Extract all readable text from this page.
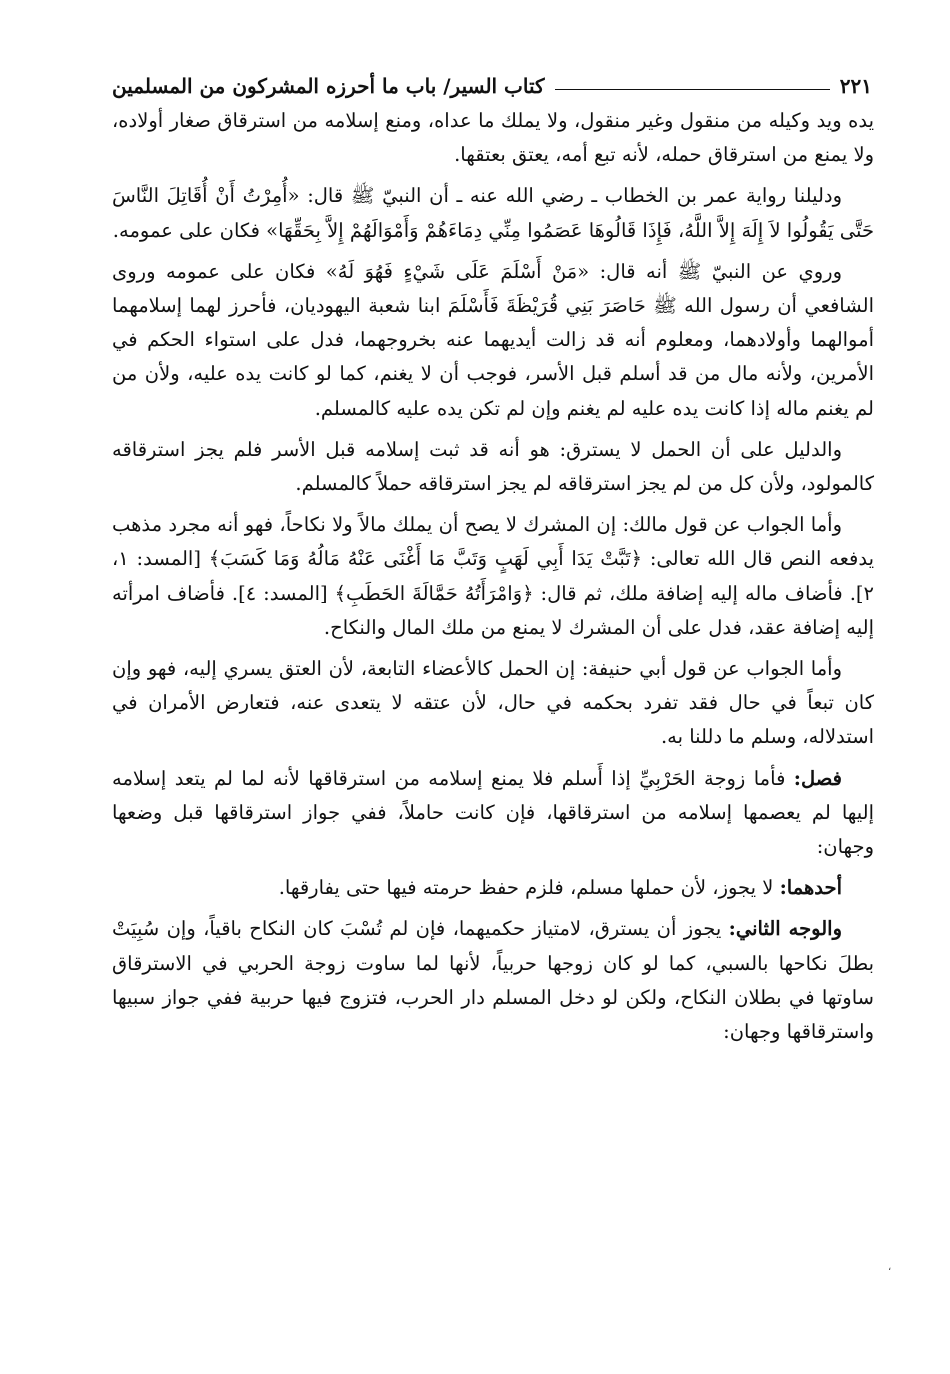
كتاب السير/ باب ما أحرزه المشركون من المسلمين	٢٢١

يده ويد وكيله من منقول وغير منقول، ولا يملك ما عداه، ومنع إسلامه من استرقاق صغار أولاده، ولا يمنع من استرقاق حمله، لأنه تبع أمه، يعتق بعتقها.

ودليلنا رواية عمر بن الخطاب ـ رضي الله عنه ـ أن النبيّ ﷺ قال: «أُمِرْتُ أَنْ أُقَاتِلَ النَّاسَ حَتَّى يَقُولُوا لاَ إِلَهَ إِلاَّ اللَّهُ، فَإِذَا قَالُوهَا عَصَمُوا مِنِّي دِمَاءَهُمْ وَأَمْوَالَهُمْ إِلاَّ بِحَقِّهَا» فكان على عمومه.

وروي عن النبيّ ﷺ أنه قال: «مَنْ أَسْلَمَ عَلَى شَيْءٍ فَهُوَ لَهُ» فكان على عمومه وروى الشافعي أن رسول الله ﷺ حَاصَرَ بَنِي قُرَيْظَةَ فَأَسْلَمَ ابنا شعبة اليهوديان، فأحرز لهما إسلامهما أموالهما وأولادهما، ومعلوم أنه قد زالت أيديهما عنه بخروجهما، فدل على استواء الحكم في الأمرين، ولأنه مال من قد أسلم قبل الأسر، فوجب أن لا يغنم، كما لو كانت يده عليه، ولأن من لم يغنم ماله إذا كانت يده عليه لم يغنم وإن لم تكن يده عليه كالمسلم.

والدليل على أن الحمل لا يسترق: هو أنه قد ثبت إسلامه قبل الأسر فلم يجز استرقاقه كالمولود، ولأن كل من لم يجز استرقاقه لم يجز استرقاقه حملاً كالمسلم.

وأما الجواب عن قول مالك: إن المشرك لا يصح أن يملك مالاً ولا نكاحاً، فهو أنه مجرد مذهب يدفعه النص قال الله تعالى: ﴿تَبَّتْ يَدَا أَبِي لَهَبٍ وَتَبَّ مَا أَغْنَى عَنْهُ مَالُهُ وَمَا كَسَبَ﴾ [المسد: ١، ٢]. فأضاف ماله إليه إضافة ملك، ثم قال: ﴿وَامْرَأَتُهُ حَمَّالَةَ الحَطَبِ﴾ [المسد: ٤]. فأضاف امرأته إليه إضافة عقد، فدل على أن المشرك لا يمنع من ملك المال والنكاح.

وأما الجواب عن قول أبي حنيفة: إن الحمل كالأعضاء التابعة، لأن العتق يسري إليه، فهو وإن كان تبعاً في حال فقد تفرد بحكمه في حال، لأن عتقه لا يتعدى عنه، فتعارض الأمران في استدلاله، وسلم ما دللنا به.

فصل: فأما زوجة الحَرْبِيِّ إذا أَسلم فلا يمنع إسلامه من استرقاقها لأنه لما لم يتعد إسلامه إليها لم يعصمها إسلامه من استرقاقها، فإن كانت حاملاً، ففي جواز استرقاقها قبل وضعها وجهان:

أحدهما: لا يجوز، لأن حملها مسلم، فلزم حفظ حرمته فيها حتى يفارقها.

والوجه الثاني: يجوز أن يسترق، لامتياز حكميهما، فإن لم تُسْبَ كان النكاح باقياً، وإن سُبِيَتْ بطلَ نكاحها بالسبي، كما لو كان زوجها حربياً، لأنها لما ساوت زوجة الحربي في الاسترقاق ساوتها في بطلان النكاح، ولكن لو دخل المسلم دار الحرب، فتزوج فيها حربية ففي جواز سبيها واسترقاقها وجهان:

،
